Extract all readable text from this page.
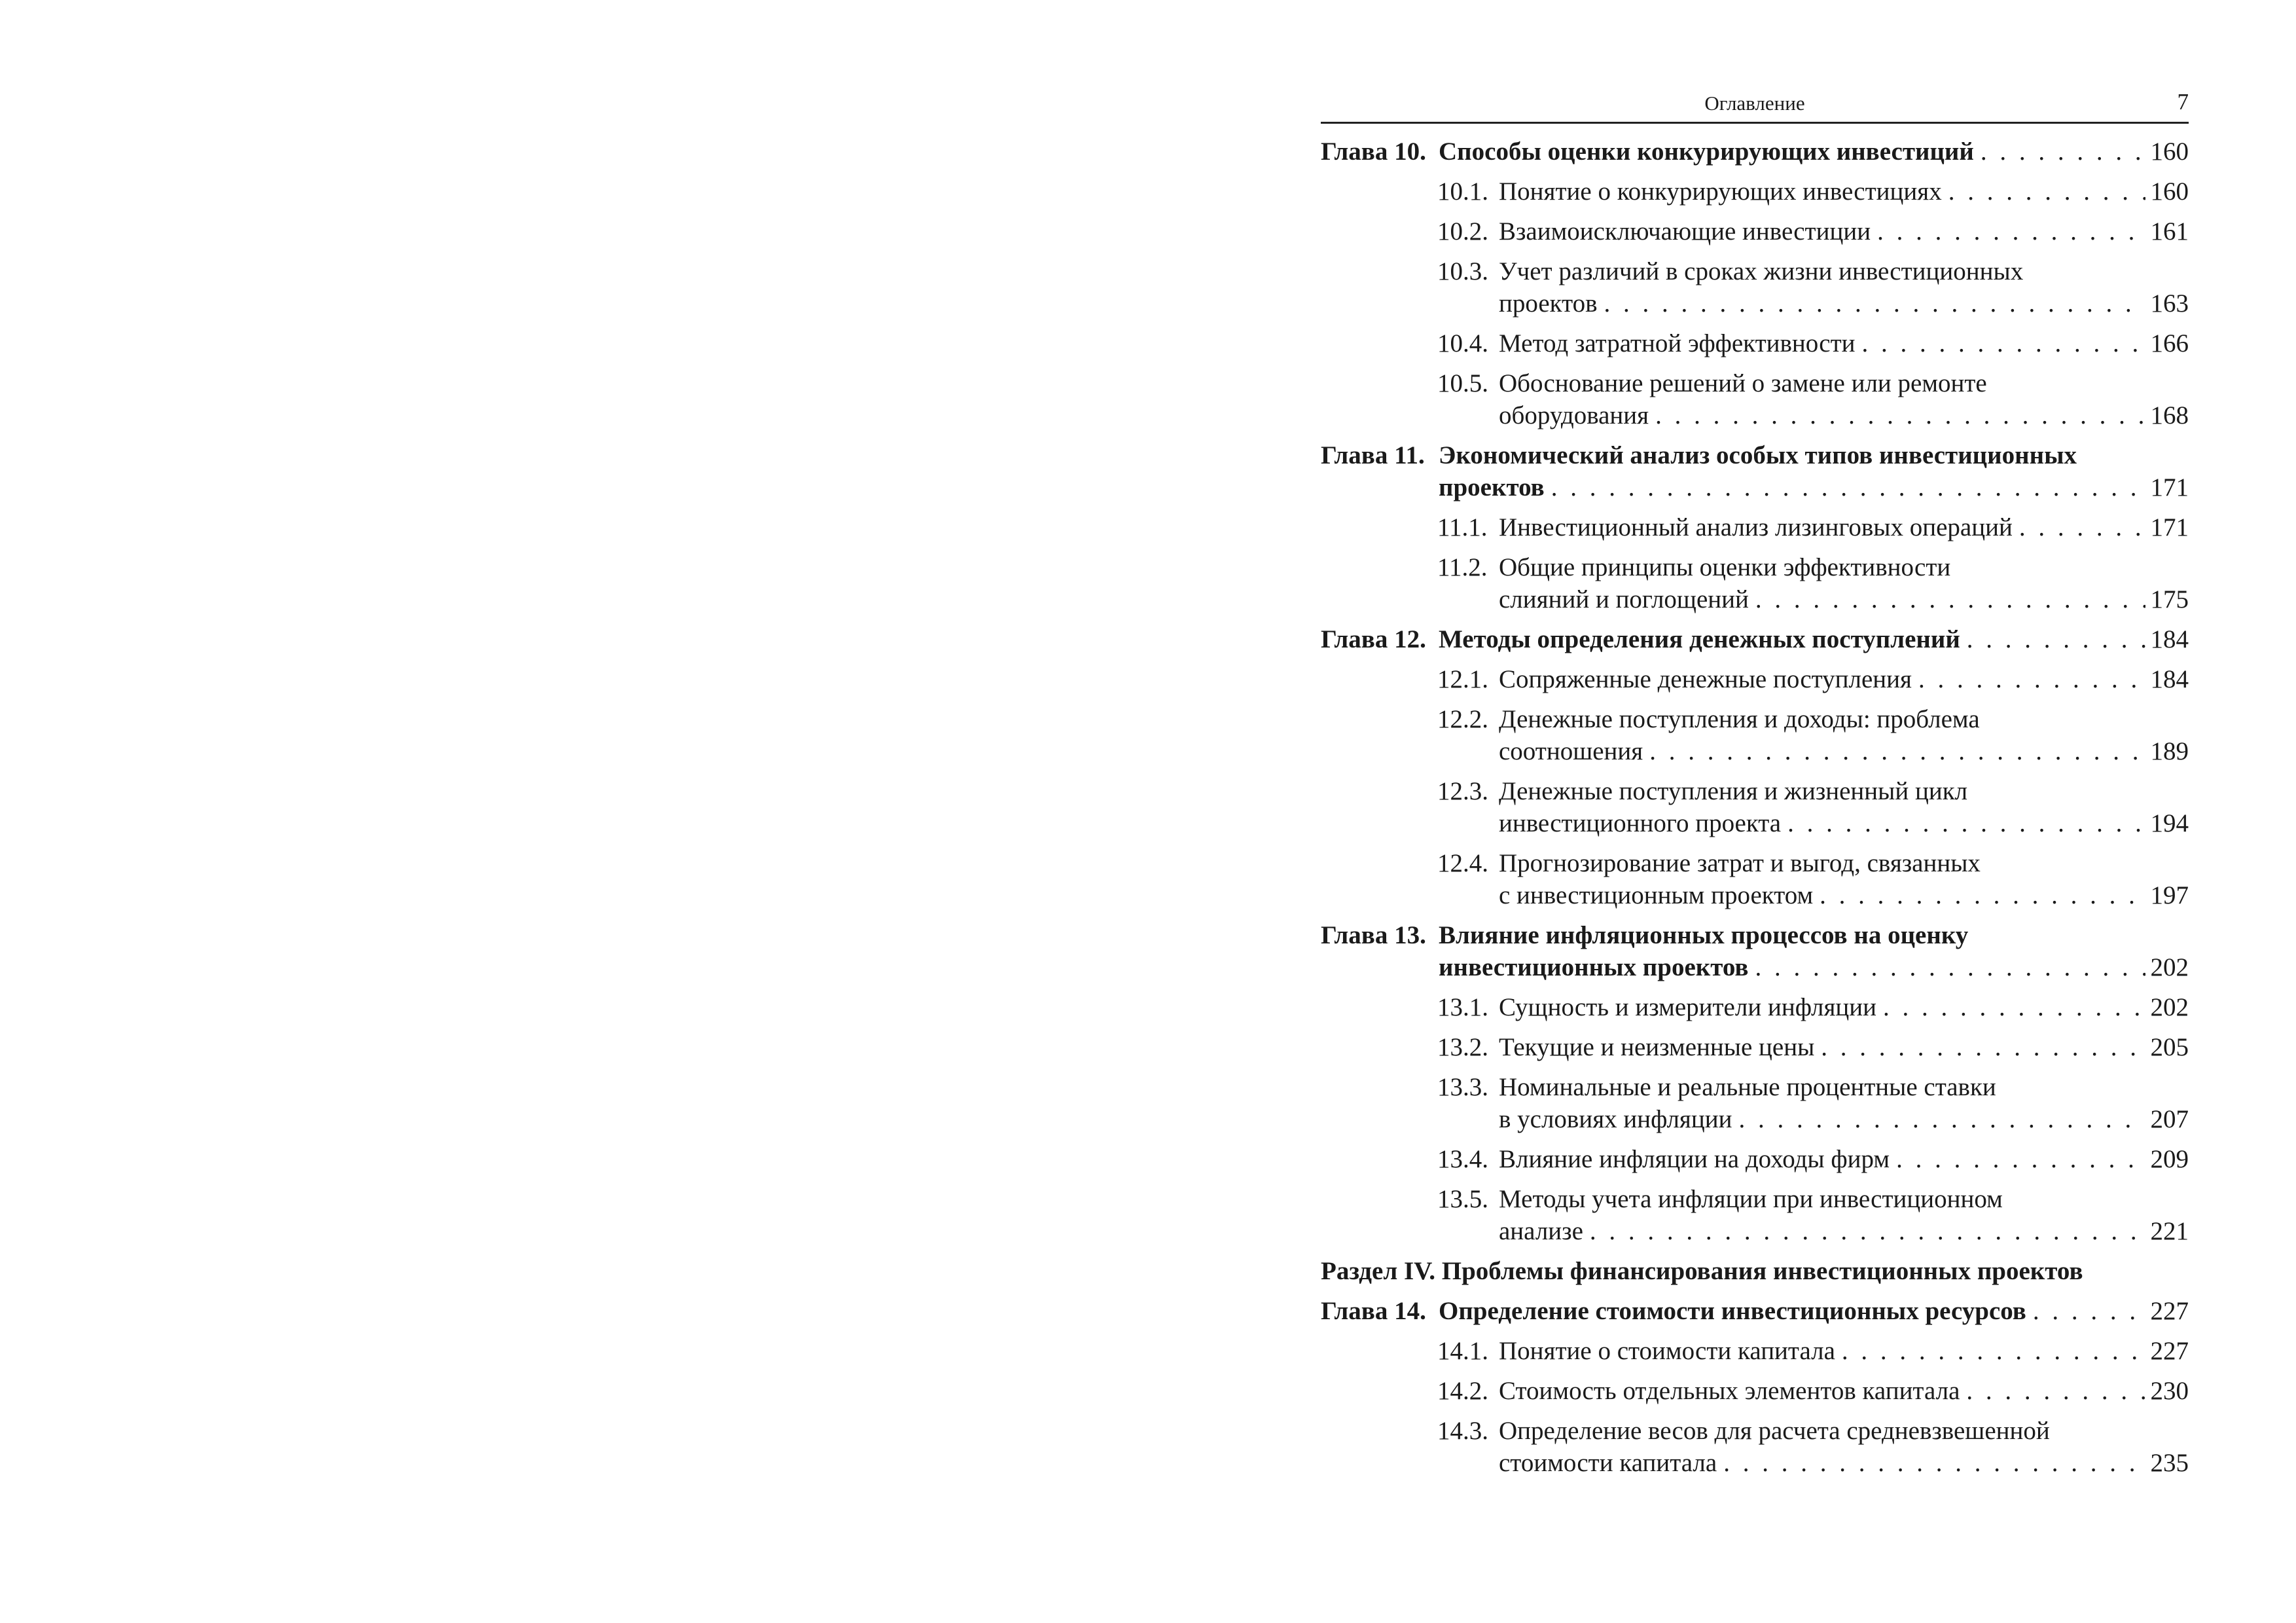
Оглавление	7
Глава 10. Способы оценки конкурирующих инвестиций . . .	160
10.1. Понятие о конкурирующих инвестициях . . .	160
10.2. Взаимоисключающие инвестиции . . .	161
10.3. Учет различий в сроках жизни инвестиционных
проектов . . .	163
10.4. Метод затратной эффективности . . .	166
10.5. Обоснование решений о замене или ремонте
оборудования . . .	168
Глава 11. Экономический анализ особых типов инвестиционных
проектов . . .	171
11.1. Инвестиционный анализ лизинговых операций . . .	171
11.2. Общие принципы оценки эффективности
слияний и поглощений . . .	175
Глава 12. Методы определения денежных поступлений . . .	184
12.1. Сопряженные денежные поступления . . .	184
12.2. Денежные поступления и доходы: проблема
соотношения . . .	189
12.3. Денежные поступления и жизненный цикл
инвестиционного проекта . . .	194
12.4. Прогнозирование затрат и выгод, связанных
с инвестиционным проектом . . .	197
Глава 13. Влияние инфляционных процессов на оценку
инвестиционных проектов . . .	202
13.1. Сущность и измерители инфляции . . .	202
13.2. Текущие и неизменные цены . . .	205
13.3. Номинальные и реальные процентные ставки
в условиях инфляции . . .	207
13.4. Влияние инфляции на доходы фирм . . .	209
13.5. Методы учета инфляции при инвестиционном
анализе . . .	221
Раздел IV. Проблемы финансирования инвестиционных проектов
Глава 14. Определение стоимости инвестиционных ресурсов . . .	227
14.1. Понятие о стоимости капитала . . .	227
14.2. Стоимость отдельных элементов капитала . . .	230
14.3. Определение весов для расчета средневзвешенной
стоимости капитала . . .	235
